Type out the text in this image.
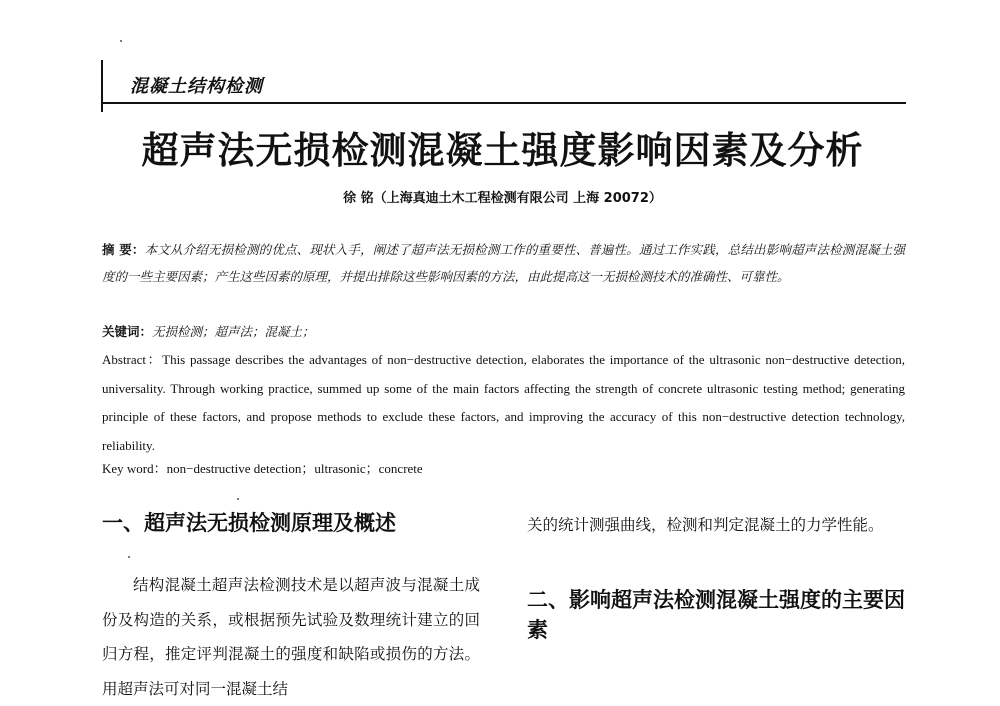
混凝土结构检测
超声法无损检测混凝土强度影响因素及分析
徐 铭（上海真迪土木工程检测有限公司 上海 20072）
摘 要：本文从介绍无损检测的优点、现状入手，阐述了超声法无损检测工作的重要性、普遍性。通过工作实践，总结出影响超声法检测混凝土强度的一些主要因素；产生这些因素的原理，并提出排除这些影响因素的方法，由此提高这一无损检测技术的准确性、可靠性。
关键词：无损检测；超声法；混凝土；
Abstract：This passage describes the advantages of non−destructive detection, elaborates the importance of the ultrasonic non−destructive detection, universality. Through working practice, summed up some of the main factors affecting the strength of concrete ultrasonic testing method; generating principle of these factors, and propose methods to exclude these factors, and improving the accuracy of this non−destructive detection technology, reliability.
Key word：non−destructive detection；ultrasonic；concrete
一、超声法无损检测原理及概述

结构混凝土超声法检测技术是以超声波与混凝土成份及构造的关系，或根据预先试验及数理统计建立的回归方程，推定评判混凝土的强度和缺陷或损伤的方法。用超声法可对同一混凝土结

关的统计测强曲线，检测和判定混凝土的力学性能。

二、影响超声法检测混凝土强度的主要因素
